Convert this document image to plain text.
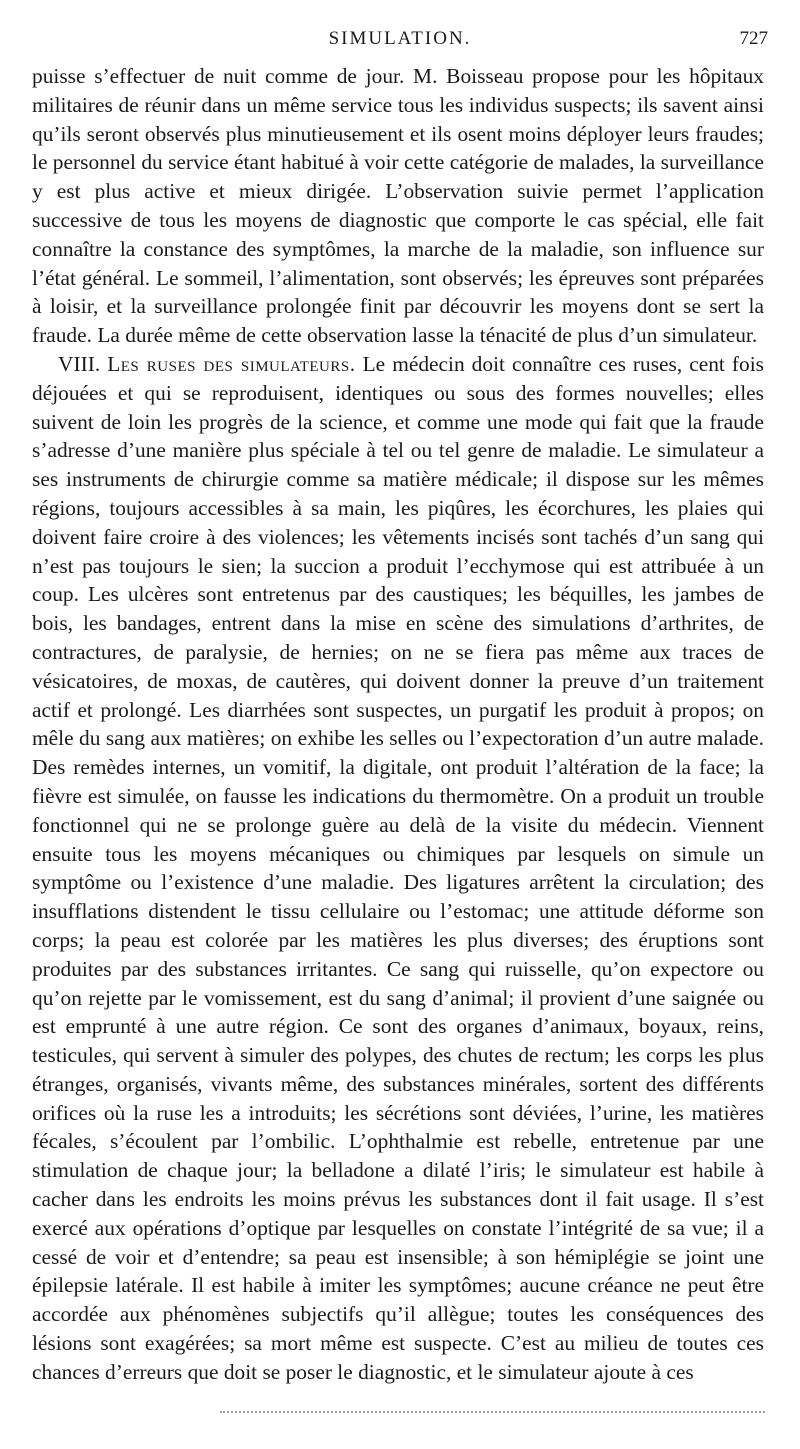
SIMULATION.	727

puisse s’effectuer de nuit comme de jour. M. Boisseau propose pour les hôpitaux militaires de réunir dans un même service tous les individus suspects; ils savent ainsi qu’ils seront observés plus minutieusement et ils osent moins déployer leurs fraudes; le personnel du service étant habitué à voir cette catégorie de malades, la surveillance y est plus active et mieux dirigée. L’observation suivie permet l’application successive de tous les moyens de diagnostic que comporte le cas spécial, elle fait connaître la constance des symptômes, la marche de la maladie, son influence sur l’état général. Le sommeil, l’alimentation, sont observés; les épreuves sont préparées à loisir, et la surveillance prolongée finit par découvrir les moyens dont se sert la fraude. La durée même de cette observation lasse la ténacité de plus d’un simulateur.

VIII. Les ruses des simulateurs. Le médecin doit connaître ces ruses, cent fois déjouées et qui se reproduisent, identiques ou sous des formes nouvelles; elles suivent de loin les progrès de la science, et comme une mode qui fait que la fraude s’adresse d’une manière plus spéciale à tel ou tel genre de maladie. Le simulateur a ses instruments de chirurgie comme sa matière médicale; il dispose sur les mêmes régions, toujours accessibles à sa main, les piqûres, les écorchures, les plaies qui doivent faire croire à des violences; les vêtements incisés sont tachés d’un sang qui n’est pas toujours le sien; la succion a produit l’ecchymose qui est attribuée à un coup. Les ulcères sont entretenus par des caustiques; les béquilles, les jambes de bois, les bandages, entrent dans la mise en scène des simulations d’arthrites, de contractures, de paralysie, de hernies; on ne se fiera pas même aux traces de vésicatoires, de moxas, de cautères, qui doivent donner la preuve d’un traitement actif et prolongé. Les diarrhées sont suspectes, un purgatif les produit à propos; on mêle du sang aux matières; on exhibe les selles ou l’expectoration d’un autre malade. Des remèdes internes, un vomitif, la digitale, ont produit l’altération de la face; la fièvre est simulée, on fausse les indications du thermomètre. On a produit un trouble fonctionnel qui ne se prolonge guère au delà de la visite du médecin. Viennent ensuite tous les moyens mécaniques ou chimiques par lesquels on simule un symptôme ou l’existence d’une maladie. Des ligatures arrêtent la circulation; des insufflations distendent le tissu cellulaire ou l’estomac; une attitude déforme son corps; la peau est colorée par les matières les plus diverses; des éruptions sont produites par des substances irritantes. Ce sang qui ruisselle, qu’on expectore ou qu’on rejette par le vomissement, est du sang d’animal; il provient d’une saignée ou est emprunté à une autre région. Ce sont des organes d’animaux, boyaux, reins, testicules, qui servent à simuler des polypes, des chutes de rectum; les corps les plus étranges, organisés, vivants même, des substances minérales, sortent des différents orifices où la ruse les a introduits; les sécrétions sont déviées, l’urine, les matières fécales, s’écoulent par l’ombilic. L’ophthalmie est rebelle, entretenue par une stimulation de chaque jour; la belladone a dilaté l’iris; le simulateur est habile à cacher dans les endroits les moins prévus les substances dont il fait usage. Il s’est exercé aux opérations d’optique par lesquelles on constate l’intégrité de sa vue; il a cessé de voir et d’entendre; sa peau est insensible; à son hémiplégie se joint une épilepsie latérale. Il est habile à imiter les symptômes; aucune créance ne peut être accordée aux phénomènes subjectifs qu’il allègue; toutes les conséquences des lésions sont exagérées; sa mort même est suspecte. C’est au milieu de toutes ces chances d’erreurs que doit se poser le diagnostic, et le simulateur ajoute à ces
